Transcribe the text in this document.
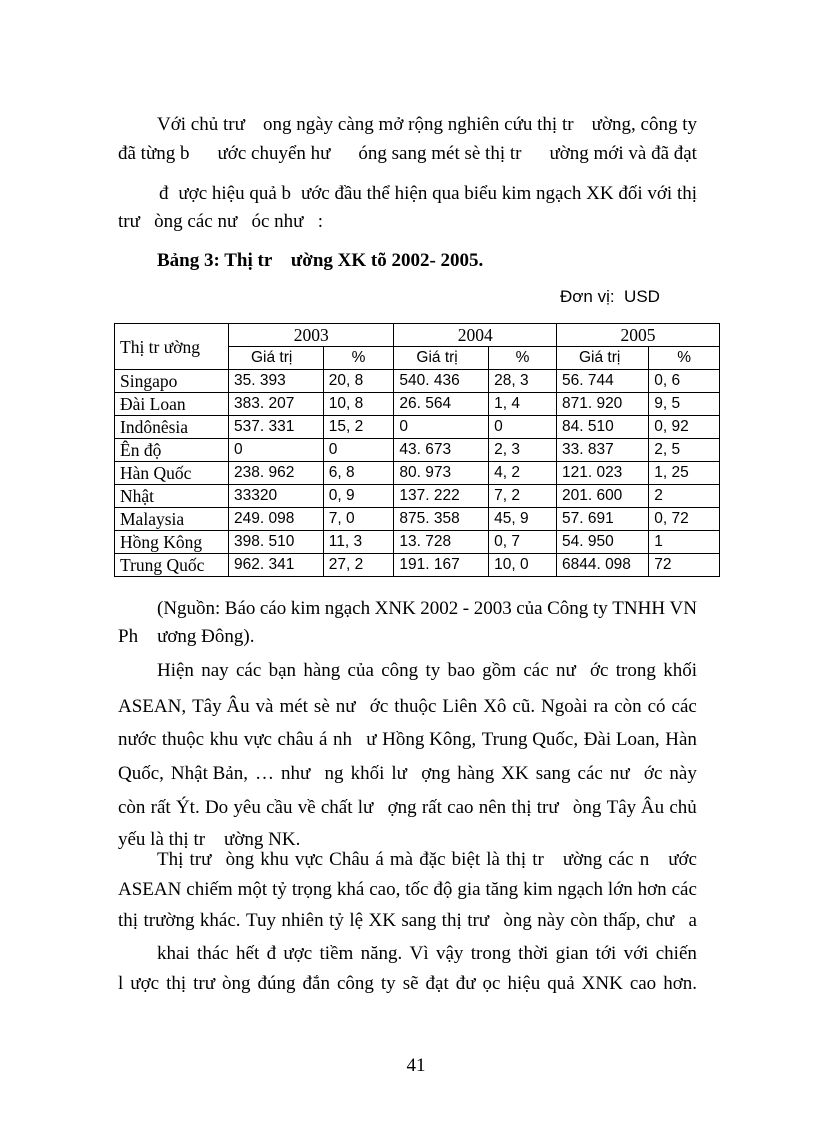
Với chủ trư ong ngày càng mở rộng nghiên cứu thị tr ường, công ty
đã từng b ước chuyển hư óng sang mét sè thị tr ường mới và đã đạt
đ ược hiệu quả b ước đầu thể hiện qua biểu kim ngạch XK đối với thị
trư   òng các nư   óc như   :
Bảng 3: Thị tr    ường XK tõ 2002- 2005.
Đơn vị:  USD
Thị tr ường	2003		2004		2005	
	Giá trị	%	Giá trị	%	Giá trị	%
Singapo	35. 393	20, 8	540. 436	28, 3	56. 744	0, 6
Đài Loan	383. 207	10, 8	26. 564	1, 4	871. 920	9, 5
Indônêsia	537. 331	15, 2	0	0	84. 510	0, 92
Ên độ	0	0	43. 673	2, 3	33. 837	2, 5
Hàn Quốc	238. 962	6, 8	80. 973	4, 2	121. 023	1, 25
Nhật	33320	0, 9	137. 222	7, 2	201. 600	2
Malaysia	249. 098	7, 0	875. 358	45, 9	57. 691	0, 72
Hồng Kông	398. 510	11, 3	13. 728	0, 7	54. 950	1
Trung Quốc	962. 341	27, 2	191. 167	10, 0	6844. 098	72
(Nguồn: Báo cáo kim ngạch XNK 2002 - 2003 của Công ty TNHH VN
Ph    ương Đông).
Hiện nay các bạn hàng của công ty bao gồm các nư   ớc trong khối
ASEAN, Tây Âu và mét sè nư   ớc thuộc Liên Xô cũ. Ngoài ra còn có các
nước thuộc khu vực châu á nh   ư Hồng Kông, Trung Quốc, Đài Loan, Hàn
Quốc, Nhật Bản, … như   ng khối lư   ợng hàng XK sang các nư   ớc này
còn rất Ýt. Do yêu cầu về chất lư   ợng rất cao nên thị trư   òng Tây Âu chủ
yếu là thị tr    ường NK.
Thị trư   òng khu vực Châu á mà đặc biệt là thị tr    ường các n    ước
ASEAN chiếm một tỷ trọng khá cao, tốc độ gia tăng kim ngạch lớn hơn các
thị trường khác. Tuy nhiên tỷ lệ XK sang thị trư   òng này còn thấp, chư   a
khai thác hết đ ược tiềm năng. Vì vậy trong thời gian tới với chiến
l ược thị trư òng đúng đắn công ty sẽ đạt đư ọc hiệu quả XNK cao hơn.
41
